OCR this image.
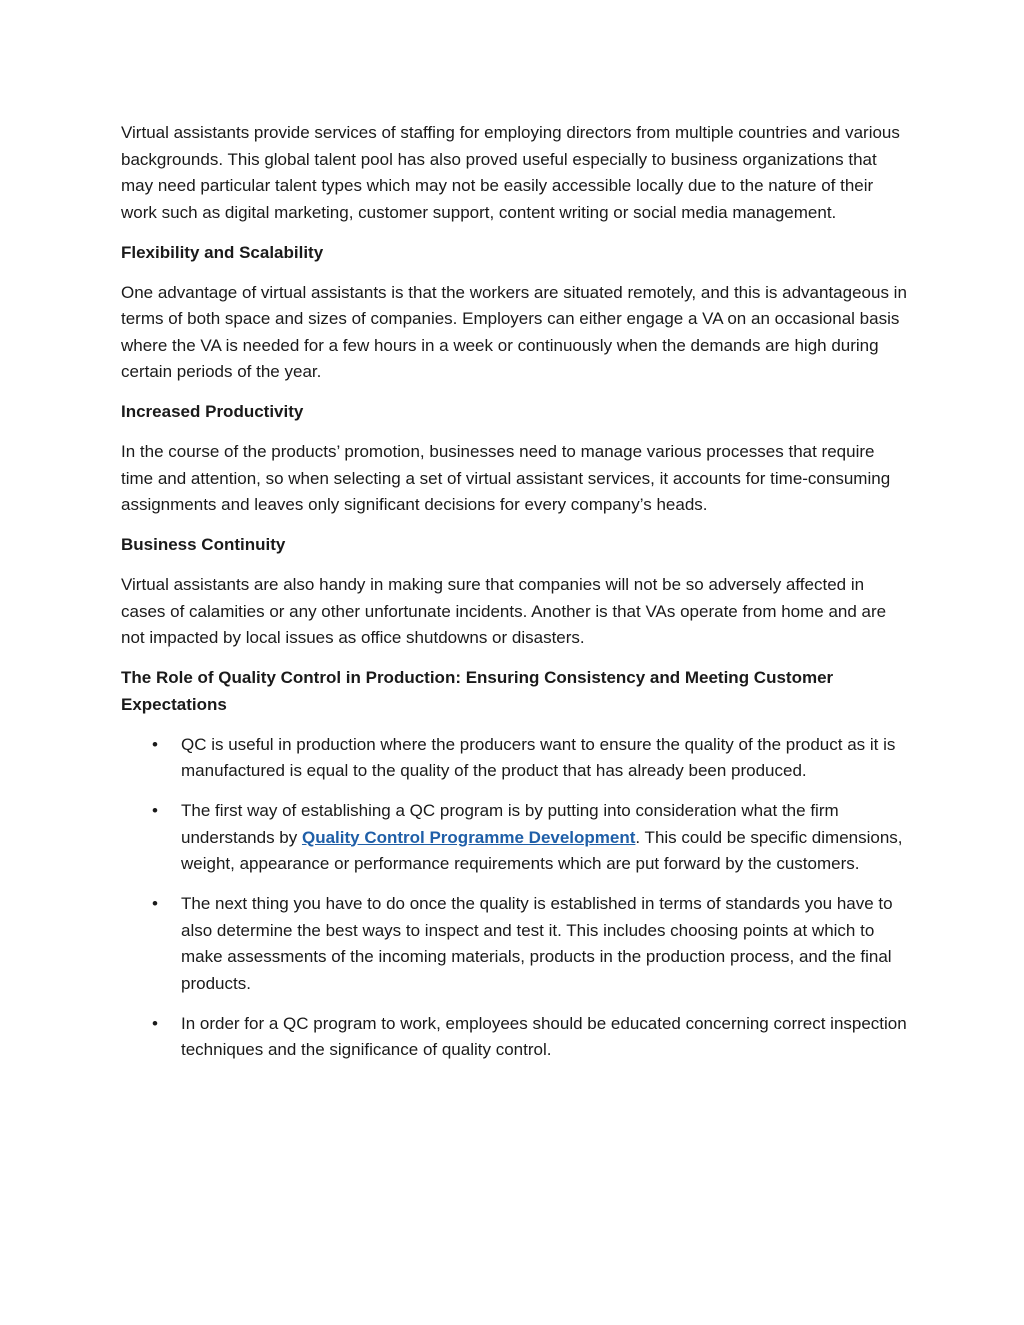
Virtual assistants provide services of staffing for employing directors from multiple countries and various backgrounds. This global talent pool has also proved useful especially to business organizations that may need particular talent types which may not be easily accessible locally due to the nature of their work such as digital marketing, customer support, content writing or social media management.

Flexibility and Scalability

One advantage of virtual assistants is that the workers are situated remotely, and this is advantageous in terms of both space and sizes of companies. Employers can either engage a VA on an occasional basis where the VA is needed for a few hours in a week or continuously when the demands are high during certain periods of the year.

Increased Productivity

In the course of the products’ promotion, businesses need to manage various processes that require time and attention, so when selecting a set of virtual assistant services, it accounts for time-consuming assignments and leaves only significant decisions for every company’s heads.

Business Continuity

Virtual assistants are also handy in making sure that companies will not be so adversely affected in cases of calamities or any other unfortunate incidents. Another is that VAs operate from home and are not impacted by local issues as office shutdowns or disasters.

The Role of Quality Control in Production: Ensuring Consistency and Meeting Customer Expectations

• QC is useful in production where the producers want to ensure the quality of the product as it is manufactured is equal to the quality of the product that has already been produced.
• The first way of establishing a QC program is by putting into consideration what the firm understands by Quality Control Programme Development. This could be specific dimensions, weight, appearance or performance requirements which are put forward by the customers.
• The next thing you have to do once the quality is established in terms of standards you have to also determine the best ways to inspect and test it. This includes choosing points at which to make assessments of the incoming materials, products in the production process, and the final products.
• In order for a QC program to work, employees should be educated concerning correct inspection techniques and the significance of quality control.
